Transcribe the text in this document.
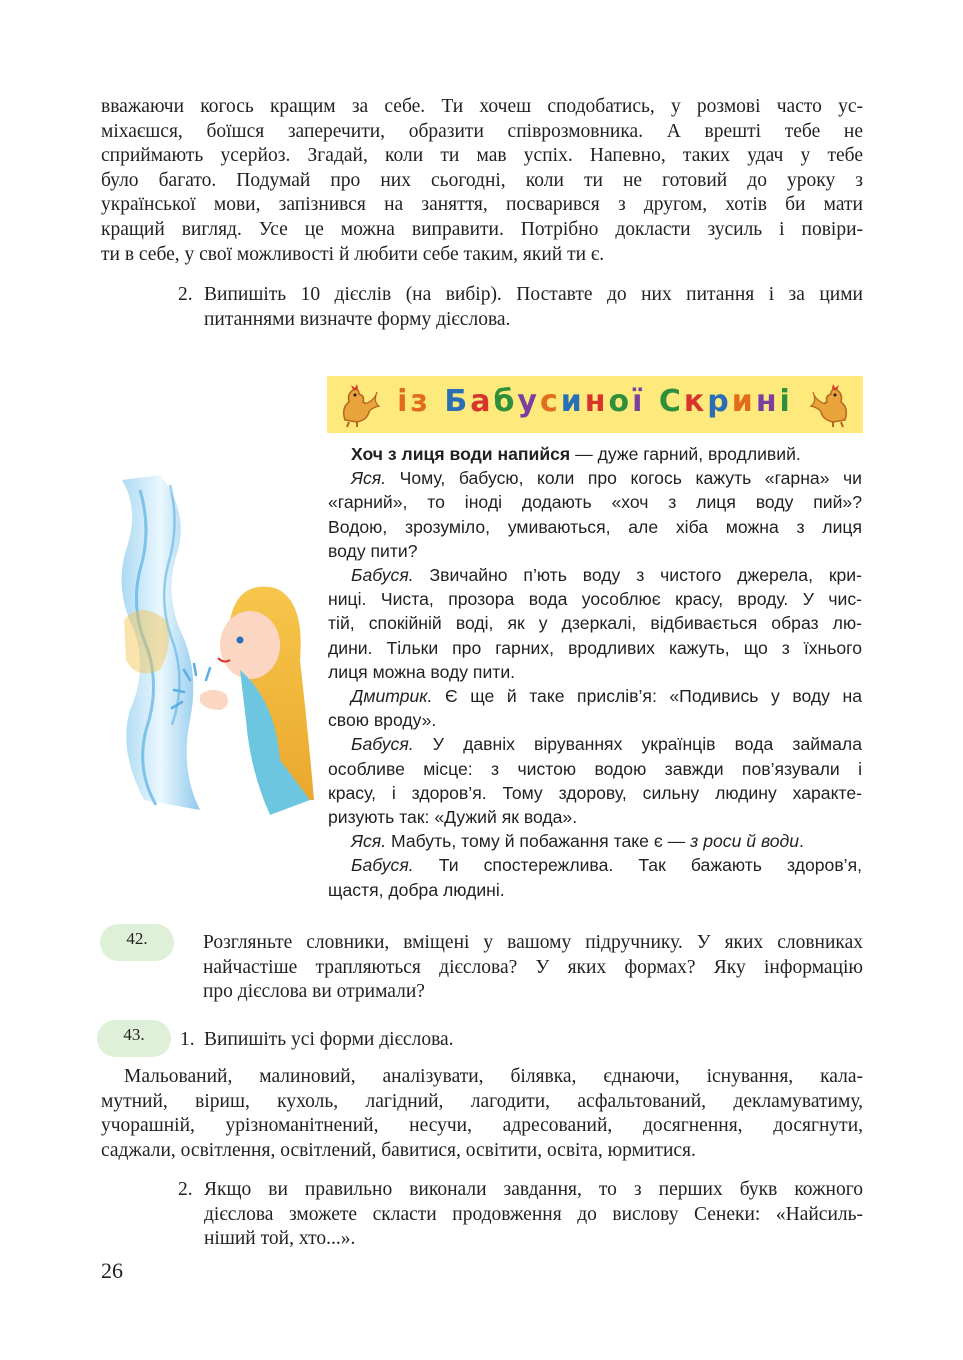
вважаючи когось кращим за себе. Ти хочеш сподобатись, у розмові часто ус-
міхаєшся, боїшся заперечити, образити співрозмовника. А врешті тебе не
сприймають усерйоз. Згадай, коли ти мав успіх. Напевно, таких удач у тебе
було багато. Подумай про них сьогодні, коли ти не готовий до уроку з
української мови, запізнився на заняття, посварився з другом, хотів би мати
кращий вигляд. Усе це можна виправити. Потрібно докласти зусиль і повіри-
ти в себе, у свої можливості й любити себе таким, який ти є.
2. Випишіть 10 дієслів (на вибір). Поставте до них питання і за цими
питаннями визначте форму дієслова.
із Бабусиної Скрині

Хоч з лиця води напийся — дуже гарний, вродливий.

Яся. Чому, бабусю, коли про когось кажуть «гарна» чи
«гарний», то іноді додають «хоч з лиця воду пий»?
Водою, зрозуміло, умиваються, але хіба можна з лиця
воду пити?
Бабуся. Звичайно п’ють воду з чистого джерела, кри-
ниці. Чиста, прозора вода уособлює красу, вроду. У чис-
тій, спокійній воді, як у дзеркалі, відбивається образ лю-
дини. Тільки про гарних, вродливих кажуть, що з їхнього
лиця можна воду пити.
Дмитрик. Є ще й таке прислів’я: «Подивись у воду на
свою вроду».
Бабуся. У давніх віруваннях українців вода займала
особливе місце: з чистою водою завжди пов’язували і
красу, і здоров’я. Тому здорову, сильну людину характе-
ризують так: «Дужий як вода».
Яся. Мабуть, тому й побажання таке є — з роси й води.
Бабуся. Ти спостережлива. Так бажають здоров’я,
щастя, добра людині.
42.	Розгляньте словники, вміщені у вашому підручнику. У яких словниках
найчастіше трапляються дієслова? У яких формах? Яку інформацію
про дієслова ви отримали?
43.	1. Випишіть усі форми дієслова.
Мальований, малиновий, аналізувати, білявка, єднаючи, існування, кала-
мутний, віриш, кухоль, лагідний, лагодити, асфальтований, декламуватиму,
учорашній, урізноманітнений, несучи, адресований, досягнення, досягнути,
саджали, освітлення, освітлений, бавитися, освітити, освіта, юрмитися.
2. Якщо ви правильно виконали завдання, то з перших букв кожного
дієслова зможете скласти продовження до вислову Сенеки: «Найсиль-
ніший той, хто...».
26
